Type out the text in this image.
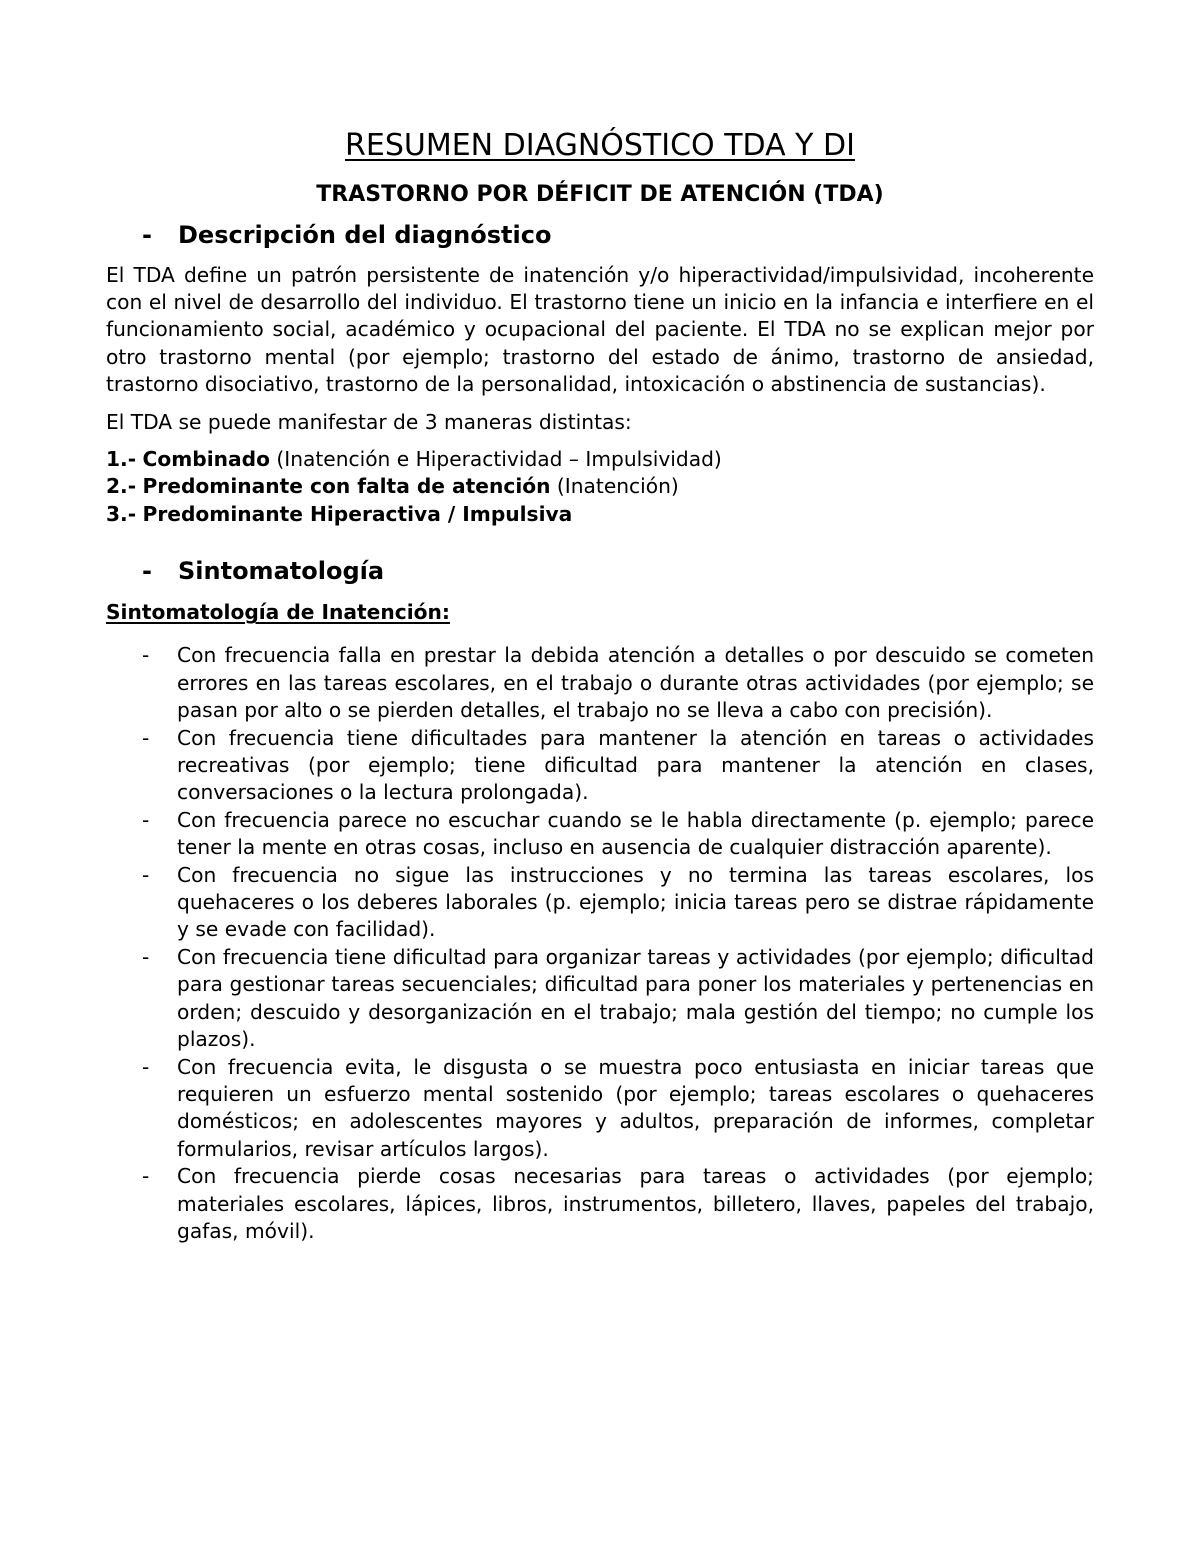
RESUMEN DIAGNÓSTICO TDA Y DI
TRASTORNO POR DÉFICIT DE ATENCIÓN (TDA)
- Descripción del diagnóstico

El TDA define un patrón persistente de inatención y/o hiperactividad/impulsividad, incoherente con el nivel de desarrollo del individuo. El trastorno tiene un inicio en la infancia e interfiere en el funcionamiento social, académico y ocupacional del paciente. El TDA no se explican mejor por otro trastorno mental (por ejemplo; trastorno del estado de ánimo, trastorno de ansiedad, trastorno disociativo, trastorno de la personalidad, intoxicación o abstinencia de sustancias).

El TDA se puede manifestar de 3 maneras distintas:

1.- Combinado (Inatención e Hiperactividad – Impulsividad)
2.- Predominante con falta de atención (Inatención)
3.- Predominante Hiperactiva / Impulsiva
- Sintomatología
Sintomatología de Inatención:
- Con frecuencia falla en prestar la debida atención a detalles o por descuido se cometen errores en las tareas escolares, en el trabajo o durante otras actividades (por ejemplo; se pasan por alto o se pierden detalles, el trabajo no se lleva a cabo con precisión).
- Con frecuencia tiene dificultades para mantener la atención en tareas o actividades recreativas (por ejemplo; tiene dificultad para mantener la atención en clases, conversaciones o la lectura prolongada).
- Con frecuencia parece no escuchar cuando se le habla directamente (p. ejemplo; parece tener la mente en otras cosas, incluso en ausencia de cualquier distracción aparente).
- Con frecuencia no sigue las instrucciones y no termina las tareas escolares, los quehaceres o los deberes laborales (p. ejemplo; inicia tareas pero se distrae rápidamente y se evade con facilidad).
- Con frecuencia tiene dificultad para organizar tareas y actividades (por ejemplo; dificultad para gestionar tareas secuenciales; dificultad para poner los materiales y pertenencias en orden; descuido y desorganización en el trabajo; mala gestión del tiempo; no cumple los plazos).
- Con frecuencia evita, le disgusta o se muestra poco entusiasta en iniciar tareas que requieren un esfuerzo mental sostenido (por ejemplo; tareas escolares o quehaceres domésticos; en adolescentes mayores y adultos, preparación de informes, completar formularios, revisar artículos largos).
- Con frecuencia pierde cosas necesarias para tareas o actividades (por ejemplo; materiales escolares, lápices, libros, instrumentos, billetero, llaves, papeles del trabajo, gafas, móvil).
